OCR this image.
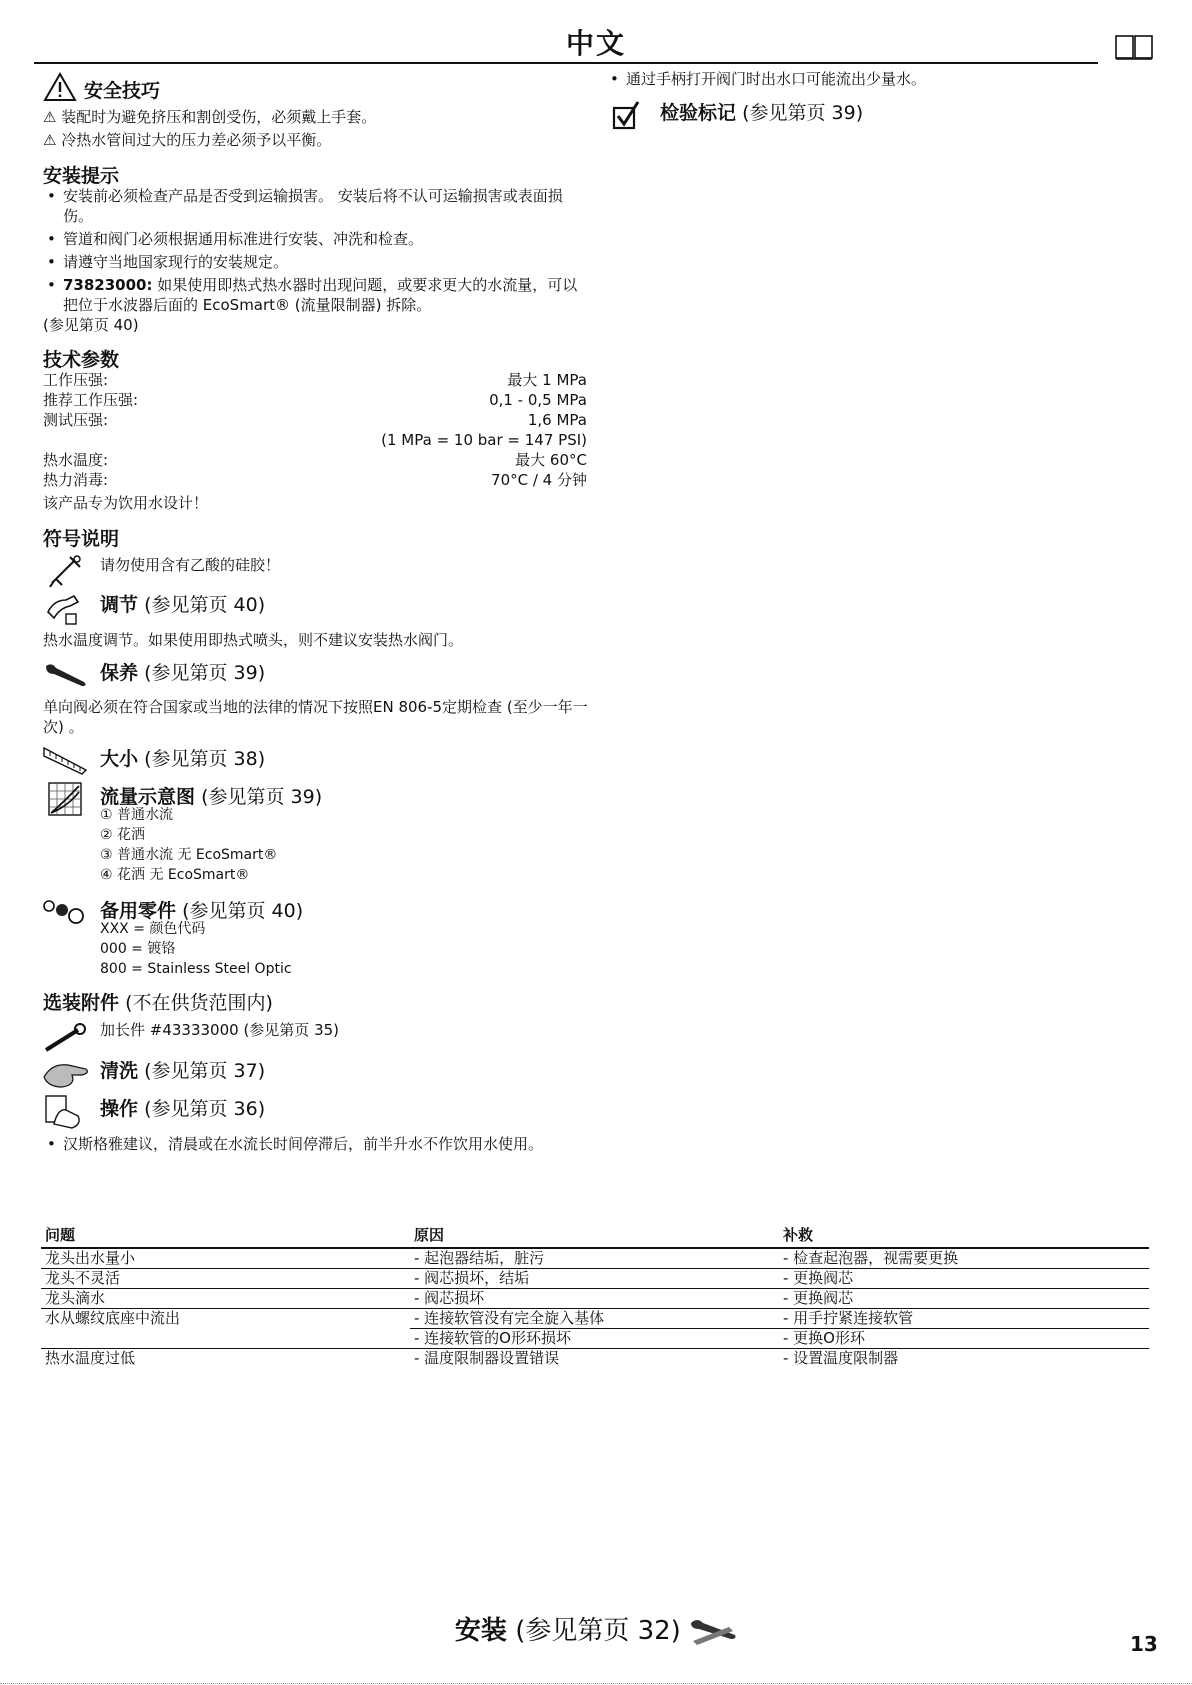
中文
安全技巧
⚠ 装配时为避免挤压和割创受伤，必须戴上手套。
⚠ 冷热水管间过大的压力差必须予以平衡。
安装提示
• 安装前必须检查产品是否受到运输损害。 安装后将不认可运输损害或表面损伤。
• 管道和阀门必须根据通用标准进行安装、冲洗和检查。
• 请遵守当地国家现行的安装规定。
• 73823000: 如果使用即热式热水器时出现问题，或要求更大的水流量，可以把位于水波器后面的 EcoSmart® (流量限制器) 拆除。
(参见第页 40)
技术参数
工作压强:	最大 1 MPa
推荐工作压强:	0,1 - 0,5 MPa
测试压强:	1,6 MPa
(1 MPa = 10 bar = 147 PSI)
热水温度:	最大 60°C
热力消毒:	70°C / 4 分钟
该产品专为饮用水设计！
符号说明
请勿使用含有乙酸的硅胶！
调节 (参见第页 40)
热水温度调节。如果使用即热式喷头，则不建议安装热水阀门。
保养 (参见第页 39)
单向阀必须在符合国家或当地的法律的情况下按照EN 806-5定期检查 (至少一年一次) 。
大小 (参见第页 38)
流量示意图 (参见第页 39)
① 普通水流
② 花洒
③ 普通水流 无 EcoSmart®
④ 花洒 无 EcoSmart®
备用零件 (参见第页 40)
XXX = 颜色代码
000 = 镀铬
800 = Stainless Steel Optic
选装附件 (不在供货范围内)
加长件 #43333000 (参见第页 35)
清洗 (参见第页 37)
操作 (参见第页 36)
• 汉斯格雅建议，清晨或在水流长时间停滞后，前半升水不作饮用水使用。
• 通过手柄打开阀门时出水口可能流出少量水。
检验标记 (参见第页 39)
问题	原因	补救
龙头出水量小	- 起泡器结垢，脏污	- 检查起泡器，视需要更换
龙头不灵活	- 阀芯损坏，结垢	- 更换阀芯
龙头滴水	- 阀芯损坏	- 更换阀芯
水从螺纹底座中流出	- 连接软管没有完全旋入基体	- 用手拧紧连接软管
	- 连接软管的O形环损坏	- 更换O形环
热水温度过低	- 温度限制器设置错误	- 设置温度限制器
安装 (参见第页 32)	13
